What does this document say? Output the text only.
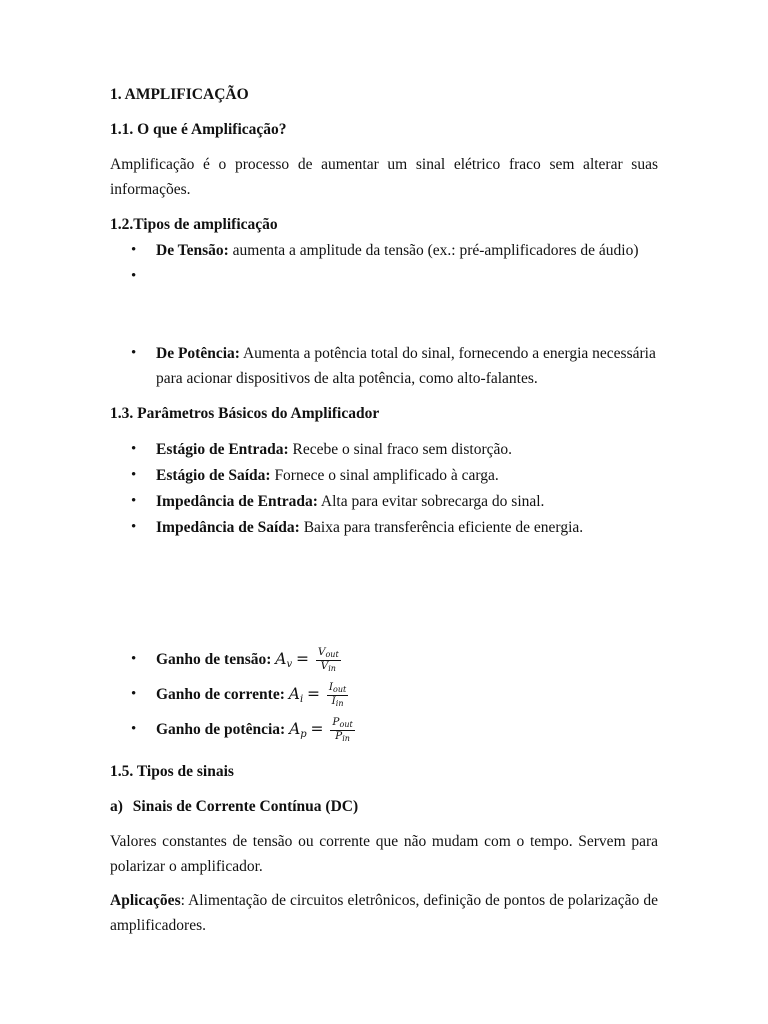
1. AMPLIFICAÇÃO
1.1. O que é Amplificação?
Amplificação é o processo de aumentar um sinal elétrico fraco sem alterar suas informações.
1.2.Tipos de amplificação
• De Tensão: aumenta a amplitude da tensão (ex.: pré-amplificadores de áudio)
•
• De Potência: Aumenta a potência total do sinal, fornecendo a energia necessária para acionar dispositivos de alta potência, como alto-falantes.
1.3. Parâmetros Básicos do Amplificador
• Estágio de Entrada: Recebe o sinal fraco sem distorção.
• Estágio de Saída: Fornece o sinal amplificado à carga.
• Impedância de Entrada: Alta para evitar sobrecarga do sinal.
• Impedância de Saída: Baixa para transferência eficiente de energia.
• Ganho de tensão: $A_v = \frac{\text{Vout}}{\text{Vin}}$
• Ganho de corrente: $A_i = \frac{\text{Iout}}{\text{Iin}}$
• Ganho de potência: $A_p = \frac{\text{Pout}}{\text{Pin}}$
1.5. Tipos de sinais
a) Sinais de Corrente Contínua (DC)
Valores constantes de tensão ou corrente que não mudam com o tempo. Servem para polarizar o amplificador.
Aplicações: Alimentação de circuitos eletrônicos, definição de pontos de polarização de amplificadores.
